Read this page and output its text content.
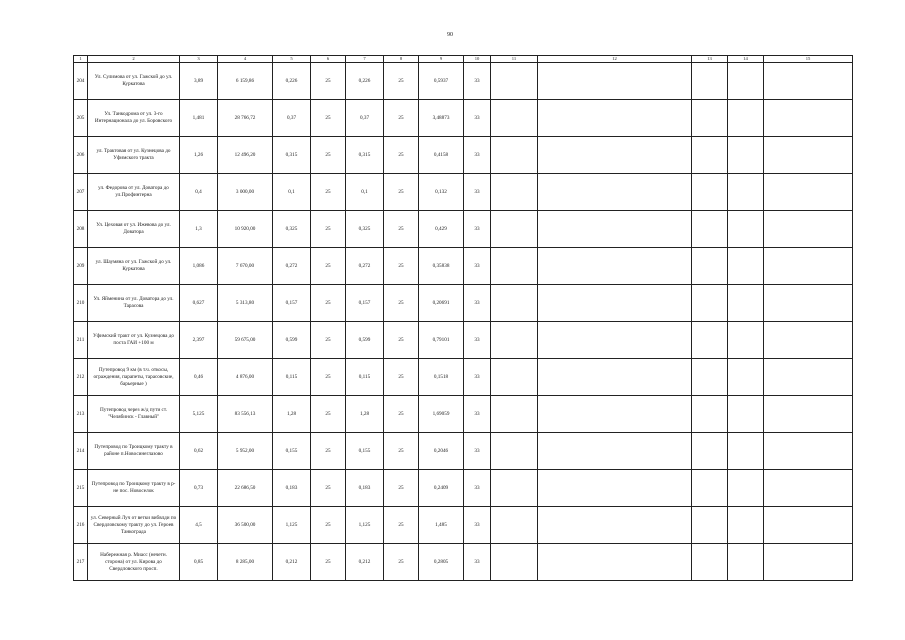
90
1	2	3	4	5	6	7	8	9	10	11	12	13	14	15
204	Ул. Сулимова от ул. Гажской до ул. Куркатова	3,89	6 159,86	0,226	25	0,226	25	0,5937	33					
205	Ул. Танкодрома от ул. 3-го Интернационала до ул. Боровского	1,481	28 766,72	0,37	25	0,37	25	3,48873	33					
206	ул. Трактовая от ул. Кузнецова до Уфимского тракта	1,26	12 496,20	0,315	25	0,315	25	0,4158	33					
207	ул. Федорова от ул. Доватора до ул.Профинтерна	0,4	3 000,00	0,1	25	0,1	25	0,132	33					
208	Ул. Цеховая от ул. Ижевова до ул. Доватора	1,3	10 920,00	0,325	25	0,325	25	0,429	33					
209	ул. Шаумяна от ул. Гажской до ул. Куркатова	1,086	7 670,00	0,272	25	0,272	25	0,35838	33					
210	Ул. Яйменина от ул. Доватора до ул. Тарасова	0,627	5 313,80	0,157	25	0,157	25	0,20691	33					
211	Уфимский тракт от ул. Кузнецова до поста ГАИ +100 м	2,397	59 675,00	0,599	25	0,599	25	0,79101	33					
212	Путепровод 9 км (в т.ч. откосы, ограждения, парапеты, тарасовские, барьерные )	0,46	4 876,00	0,115	25	0,115	25	0,1518	33					
213	Путепровод через ж/д пути ст. "Челябинск - Главный"	5,125	83 556,13	1,28	25	1,28	25	1,69059	33					
214	Путепровод по Троицкому тракту в районе п.Новосинеглазово	0,62	5 952,00	0,155	25	0,155	25	0,2046	33					
215	Путепровод по Троицкому тракту в р-не пос. Новоселок	0,73	22 686,50	0,183	25	0,183	25	0,2409	33					
216	ул. Северный Луч от ветки вибвлди по Свердловскому тракту до ул. Героев Танкограда	4,5	36 500,00	1,125	25	1,125	25	1,485	33					
217	Набережная р. Миасс (нечетн. сторона) от ул. Кирова до Свердловского просп.	0,85	8 285,00	0,212	25	0,212	25	0,2805	33					
